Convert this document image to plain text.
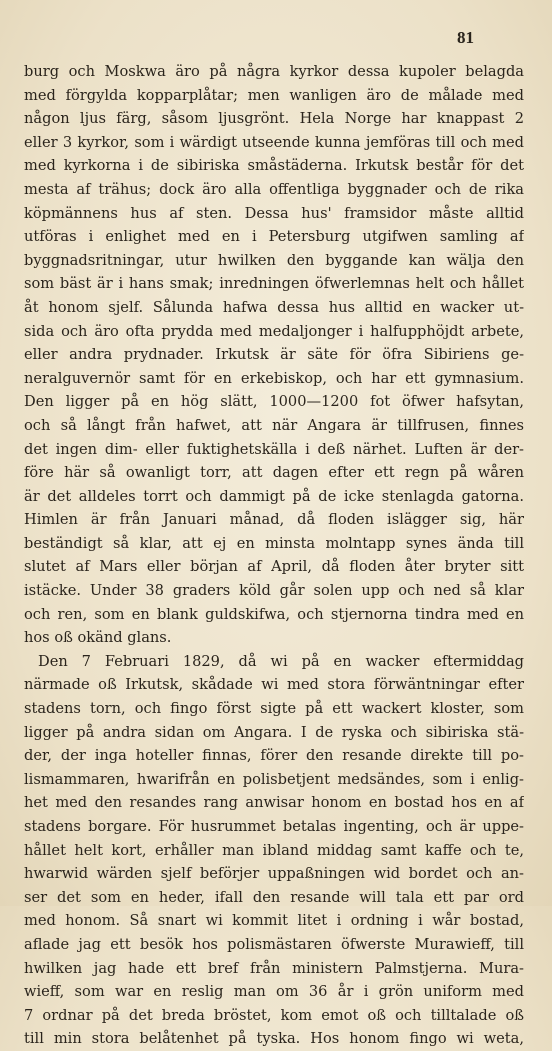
81
burg och Moskwa äro på några kyrkor dessa kupoler belagda
med förgylda kopparplåtar; men wanligen äro de målade med
någon ljus färg, såsom ljusgrönt. Hela Norge har knappast 2
eller 3 kyrkor, som i wärdigt utseende kunna jemföras till och med
med kyrkorna i de sibiriska småstäderna. Irkutsk består för det
mesta af trähus; dock äro alla offentliga byggnader och de rika
köpmännens hus af sten. Dessa hus' framsidor måste alltid
utföras i enlighet med en i Petersburg utgifwen samling af
byggnadsritningar, utur hwilken den byggande kan wälja den
som bäst är i hans smak; inredningen öfwerlemnas helt och hållet
åt honom sjelf. Sålunda hafwa dessa hus alltid en wacker ut-
sida och äro ofta prydda med medaljonger i halfupphöjdt arbete,
eller andra prydnader. Irkutsk är säte för öfra Sibiriens ge-
neralguvernör samt för en erkebiskop, och har ett gymnasium.
Den ligger på en hög slätt, 1000—1200 fot öfwer hafsytan,
och så långt från hafwet, att när Angara är tillfrusen, finnes
det ingen dim- eller fuktighetskälla i deß närhet. Luften är der-
före här så owanligt torr, att dagen efter ett regn på wåren
är det alldeles torrt och dammigt på de icke stenlagda gatorna.
Himlen är från Januari månad, då floden islägger sig, här
beständigt så klar, att ej en minsta molntapp synes ända till
slutet af Mars eller början af April, då floden åter bryter sitt
istäcke. Under 38 graders köld går solen upp och ned så klar
och ren, som en blank guldskifwa, och stjernorna tindra med en
hos oß okänd glans.
Den 7 Februari 1829, då wi på en wacker eftermiddag
närmade oß Irkutsk, skådade wi med stora förwäntningar efter
stadens torn, och fingo först sigte på ett wackert kloster, som
ligger på andra sidan om Angara. I de ryska och sibiriska stä-
der, der inga hoteller finnas, förer den resande direkte till po-
lismammaren, hwarifrån en polisbetjent medsändes, som i enlig-
het med den resandes rang anwisar honom en bostad hos en af
stadens borgare. För husrummet betalas ingenting, och är uppe-
hållet helt kort, erhåller man ibland middag samt kaffe och te,
hwarwid wärden sjelf beförjer uppaßningen wid bordet och an-
ser det som en heder, ifall den resande will tala ett par ord
med honom. Så snart wi kommit litet i ordning i wår bostad,
aflade jag ett besök hos polismästaren öfwerste Murawieff, till
hwilken jag hade ett bref från ministern Palmstjerna. Mura-
wieff, som war en reslig man om 36 år i grön uniform med
7 ordnar på det breda bröstet, kom emot oß och tilltalade oß
till min stora belåtenhet på tyska. Hos honom fingo wi weta,
